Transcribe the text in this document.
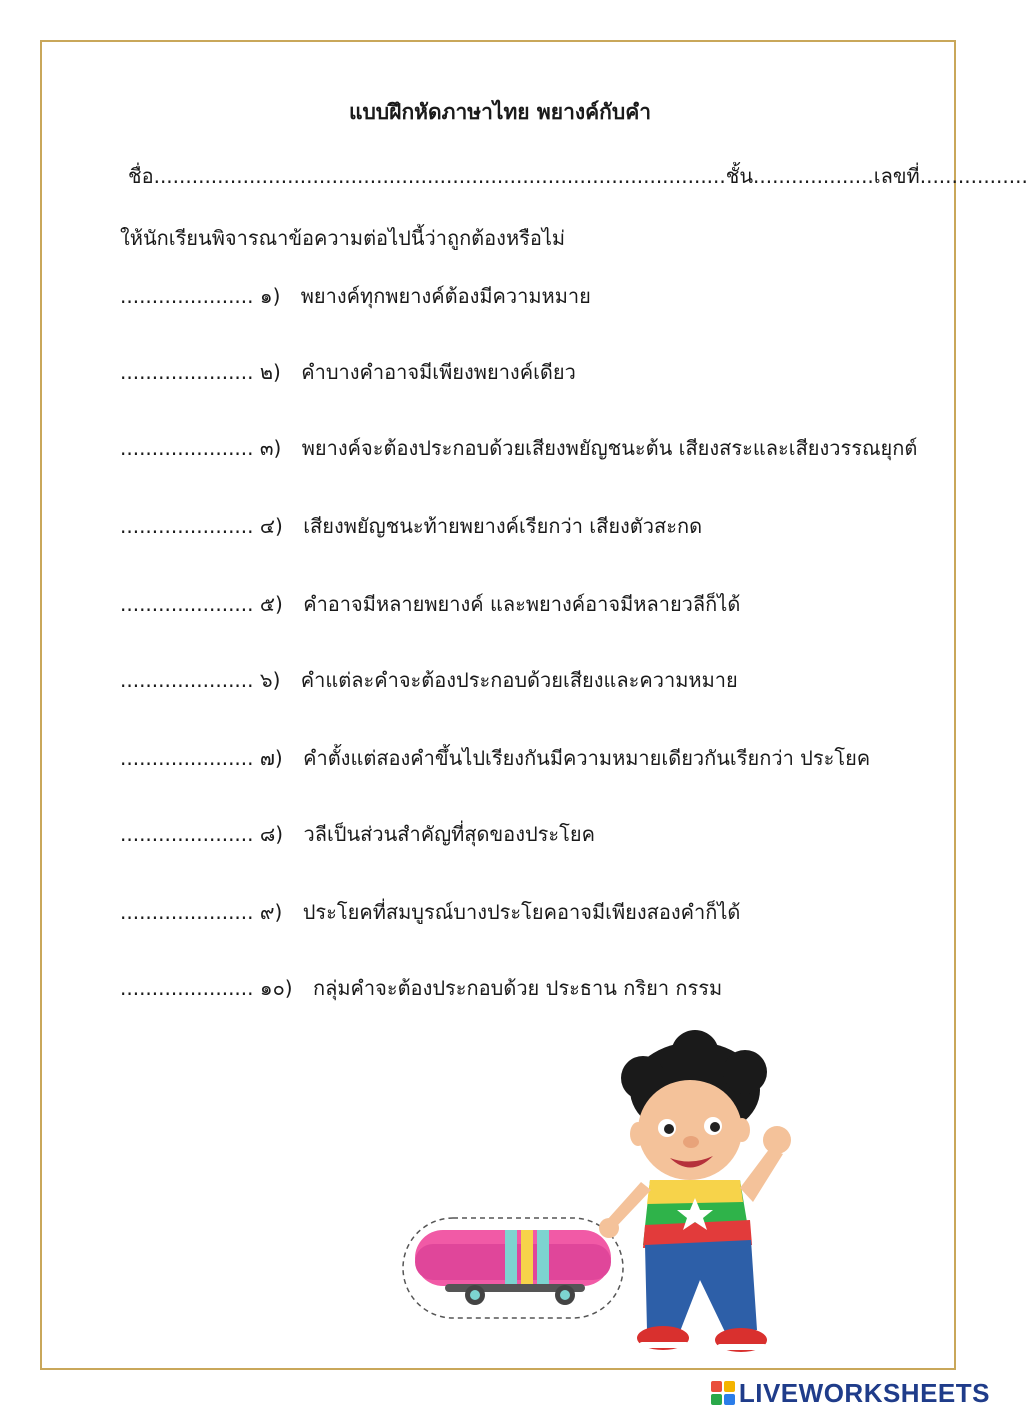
แบบฝึกหัดภาษาไทย พยางค์กับคำ
ชื่อ..........................................................................................ชั้น...................เลขที่.................
ให้นักเรียนพิจารณาข้อความต่อไปนี้ว่าถูกต้องหรือไม่
..................... ๑) พยางค์ทุกพยางค์ต้องมีความหมาย
..................... ๒) คำบางคำอาจมีเพียงพยางค์เดียว
..................... ๓) พยางค์จะต้องประกอบด้วยเสียงพยัญชนะต้น เสียงสระและเสียงวรรณยุกต์
..................... ๔) เสียงพยัญชนะท้ายพยางค์เรียกว่า เสียงตัวสะกด
..................... ๕) คำอาจมีหลายพยางค์ และพยางค์อาจมีหลายวลีก็ได้
..................... ๖) คำแต่ละคำจะต้องประกอบด้วยเสียงและความหมาย
..................... ๗) คำตั้งแต่สองคำขึ้นไปเรียงกันมีความหมายเดียวกันเรียกว่า ประโยค
..................... ๘) วลีเป็นส่วนสำคัญที่สุดของประโยค
..................... ๙) ประโยคที่สมบูรณ์บางประโยคอาจมีเพียงสองคำก็ได้
..................... ๑๐) กลุ่มคำจะต้องประกอบด้วย ประธาน กริยา กรรม
LIVEWORKSHEETS
